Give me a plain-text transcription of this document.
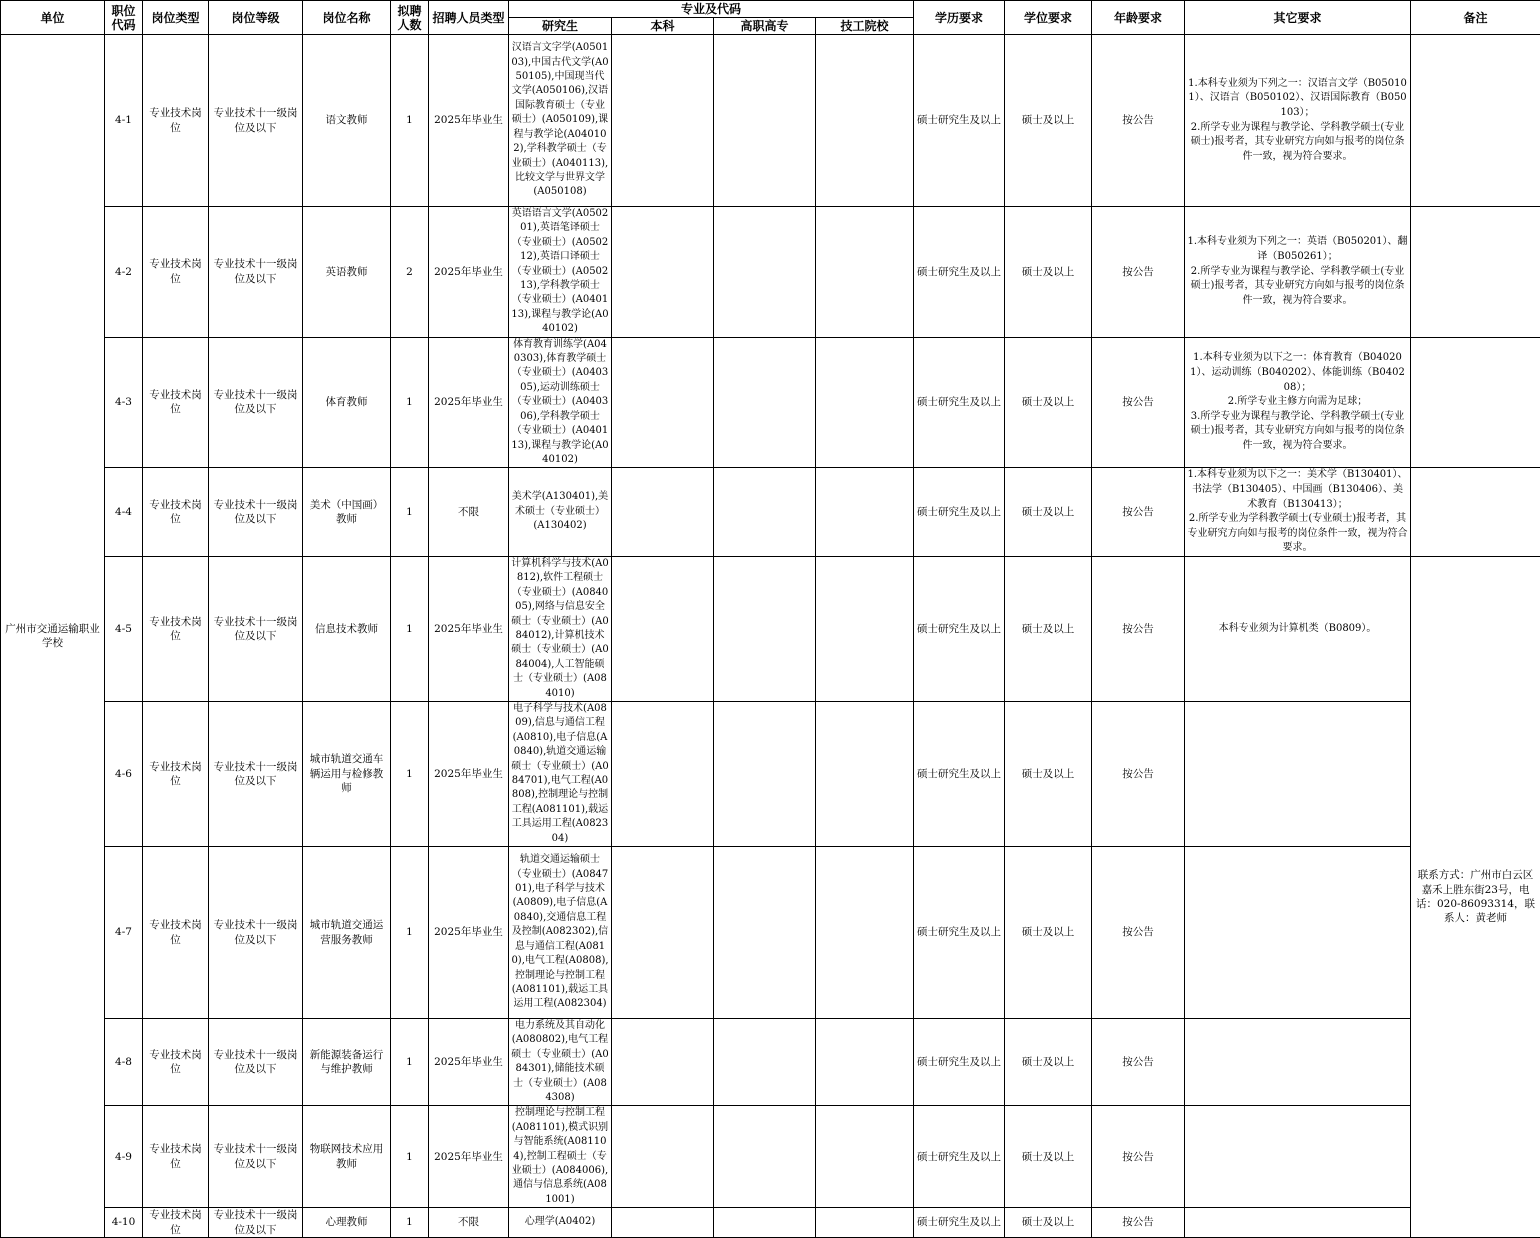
单位	职位代码	岗位类型	岗位等级	岗位名称	拟聘人数	招聘人员类型	专业及代码				学历要求	学位要求	年龄要求	其它要求	备注
							研究生	本科	高职高专	技工院校					
广州市交通运输职业学校	4-1	专业技术岗位	专业技术十一级岗位及以下	语文教师	1	2025年毕业生	汉语言文字学(A050103),中国古代文学(A050105),中国现当代文学(A050106),汉语国际教育硕士（专业硕士）(A050109),课程与教学论(A040102),学科教学硕士（专业硕士）(A040113),比较文学与世界文学(A050108)				硕士研究生及以上	硕士及以上	按公告	1.本科专业须为下列之一：汉语言文学（B050101）、汉语言（B050102）、汉语国际教育（B050103）；
2.所学专业为课程与教学论、学科教学硕士(专业硕士)报考者，其专业研究方向如与报考的岗位条件一致，视为符合要求。	
	4-2	专业技术岗位	专业技术十一级岗位及以下	英语教师	2	2025年毕业生	英语语言文学(A050201),英语笔译硕士（专业硕士）(A050212),英语口译硕士（专业硕士）(A050213),学科教学硕士（专业硕士）(A040113),课程与教学论(A040102)				硕士研究生及以上	硕士及以上	按公告	1.本科专业须为下列之一：英语（B050201）、翻译（B050261）；
2.所学专业为课程与教学论、学科教学硕士(专业硕士)报考者，其专业研究方向如与报考的岗位条件一致，视为符合要求。	
	4-3	专业技术岗位	专业技术十一级岗位及以下	体育教师	1	2025年毕业生	体育教育训练学(A040303),体育教学硕士（专业硕士）(A040305),运动训练硕士（专业硕士）(A040306),学科教学硕士（专业硕士）(A040113),课程与教学论(A040102)				硕士研究生及以上	硕士及以上	按公告	1.本科专业须为以下之一：体育教育（B040201）、运动训练（B040202）、体能训练（B040208）；
2.所学专业主修方向需为足球；
3.所学专业为课程与教学论、学科教学硕士(专业硕士)报考者，其专业研究方向如与报考的岗位条件一致，视为符合要求。	
	4-4	专业技术岗位	专业技术十一级岗位及以下	美术（中国画）教师	1	不限	美术学(A130401),美术硕士（专业硕士）(A130402)				硕士研究生及以上	硕士及以上	按公告	1.本科专业须为以下之一：美术学（B130401）、书法学（B130405）、中国画（B130406）、美术教育（B130413）；
2.所学专业为学科教学硕士(专业硕士)报考者，其专业研究方向如与报考的岗位条件一致，视为符合要求。	
	4-5	专业技术岗位	专业技术十一级岗位及以下	信息技术教师	1	2025年毕业生	计算机科学与技术(A0812),软件工程硕士（专业硕士）(A084005),网络与信息安全硕士（专业硕士）(A084012),计算机技术硕士（专业硕士）(A084004),人工智能硕士（专业硕士）(A084010)				硕士研究生及以上	硕士及以上	按公告	本科专业须为计算机类（B0809）。	联系方式：广州市白云区嘉禾上胜东街23号，电话：020-86093314，联系人：黄老师
	4-6	专业技术岗位	专业技术十一级岗位及以下	城市轨道交通车辆运用与检修教师	1	2025年毕业生	电子科学与技术(A0809),信息与通信工程(A0810),电子信息(A0840),轨道交通运输硕士（专业硕士）(A084701),电气工程(A0808),控制理论与控制工程(A081101),载运工具运用工程(A082304)				硕士研究生及以上	硕士及以上	按公告		
	4-7	专业技术岗位	专业技术十一级岗位及以下	城市轨道交通运营服务教师	1	2025年毕业生	轨道交通运输硕士（专业硕士）(A084701),电子科学与技术(A0809),电子信息(A0840),交通信息工程及控制(A082302),信息与通信工程(A0810),电气工程(A0808),控制理论与控制工程(A081101),载运工具运用工程(A082304)				硕士研究生及以上	硕士及以上	按公告		
	4-8	专业技术岗位	专业技术十一级岗位及以下	新能源装备运行与维护教师	1	2025年毕业生	电力系统及其自动化(A080802),电气工程硕士（专业硕士）(A084301),储能技术硕士（专业硕士）(A084308)				硕士研究生及以上	硕士及以上	按公告		
	4-9	专业技术岗位	专业技术十一级岗位及以下	物联网技术应用教师	1	2025年毕业生	控制理论与控制工程(A081101),模式识别与智能系统(A081104),控制工程硕士（专业硕士）(A084006),通信与信息系统(A081001)				硕士研究生及以上	硕士及以上	按公告		
	4-10	专业技术岗位	专业技术十一级岗位及以下	心理教师	1	不限	心理学(A0402)				硕士研究生及以上	硕士及以上	按公告		
